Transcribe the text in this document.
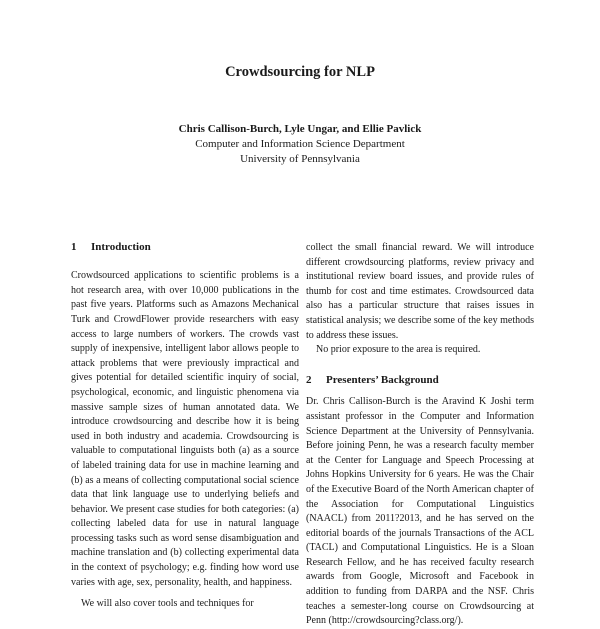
Crowdsourcing for NLP
Chris Callison-Burch, Lyle Ungar, and Ellie Pavlick
Computer and Information Science Department
University of Pennsylvania
1 Introduction

Crowdsourced applications to scientific problems is a hot research area, with over 10,000 publications in the past five years. Platforms such as Amazons Mechanical Turk and CrowdFlower provide researchers with easy access to large numbers of workers. The crowds vast supply of inexpensive, intelligent labor allows people to attack problems that were previously impractical and gives potential for detailed scientific inquiry of social, psychological, economic, and linguistic phenomena via massive sample sizes of human annotated data. We introduce crowdsourcing and describe how it is being used in both industry and academia. Crowdsourcing is valuable to computational linguists both (a) as a source of labeled training data for use in machine learning and (b) as a means of collecting computational social science data that link language use to underlying beliefs and behavior. We present case studies for both categories: (a) collecting labeled data for use in natural language processing tasks such as word sense disambiguation and machine translation and (b) collecting experimental data in the context of psychology; e.g. finding how word use varies with age, sex, personality, health, and happiness.

We will also cover tools and techniques for

collect the small financial reward. We will introduce different crowdsourcing platforms, review privacy and institutional review board issues, and provide rules of thumb for cost and time estimates. Crowdsourced data also has a particular structure that raises issues in statistical analysis; we describe some of the key methods to address these issues.

No prior exposure to the area is required.

2 Presenters’ Background

Dr. Chris Callison-Burch is the Aravind K Joshi term assistant professor in the Computer and Information Science Department at the University of Pennsylvania. Before joining Penn, he was a research faculty member at the Center for Language and Speech Processing at Johns Hopkins University for 6 years. He was the Chair of the Executive Board of the North American chapter of the Association for Computational Linguistics (NAACL) from 2011?2013, and he has served on the editorial boards of the journals Transactions of the ACL (TACL) and Computational Linguistics. He is a Sloan Research Fellow, and he has received faculty research awards from Google, Microsoft and Facebook in addition to funding from DARPA and the NSF. Chris teaches a semester-long course on Crowdsourcing at Penn (http://crowdsourcing?class.org/).
